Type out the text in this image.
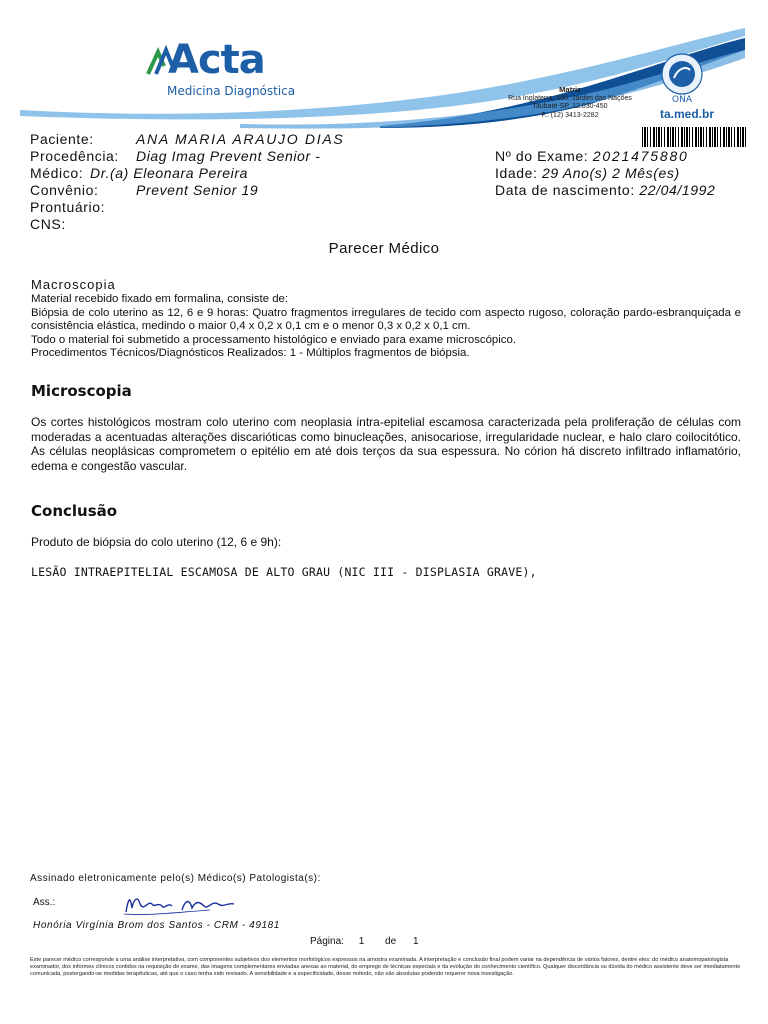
Acta
Medicina Diagnóstica	Matriz
Rua Inglaterra, 150, Jardim das Nações
Taubaté-SP, 12.030-450
F.: (12) 3413-2282
ONA
ta.med.br
Paciente:	ANA MARIA ARAUJO DIAS
Procedência: Diag Imag Prevent Senior -
Médico: Dr.(a) Eleonara Pereira
Convênio:	Prevent Senior 19
Prontuário:
CNS:
Nº do Exame: 2021475880
Idade: 29 Ano(s) 2 Mês(es)
Data de nascimento: 22/04/1992
Parecer Médico
Macroscopia
Material recebido fixado em formalina, consiste de:
Biópsia de colo uterino as 12, 6 e 9 horas: Quatro fragmentos irregulares de tecido com aspecto rugoso, coloração pardo-esbranquiçada e consistência elástica, medindo o maior 0,4 x 0,2 x 0,1 cm e o menor 0,3 x 0,2 x 0,1 cm.
Todo o material foi submetido a processamento histológico e enviado para exame microscópico.
Procedimentos Técnicos/Diagnósticos Realizados: 1 - Múltiplos fragmentos de biópsia.
Microscopia
Os cortes histológicos mostram colo uterino com neoplasia intra-epitelial escamosa caracterizada pela proliferação de células com moderadas a acentuadas alterações discarióticas como binucleações, anisocariose, irregularidade nuclear, e halo claro coilocitótico. As células neoplásicas comprometem o epitélio em até dois terços da sua espessura. No córion há discreto infiltrado inflamatório, edema e congestão vascular.
Conclusão
Produto de biópsia do colo uterino (12, 6 e 9h):
LESÃO INTRAEPITELIAL ESCAMOSA DE ALTO GRAU (NIC III - DISPLASIA GRAVE),
Assinado eletronicamente pelo(s) Médico(s) Patologista(s):
Ass.:
Honória Virgínia Brom dos Santos - CRM - 49181
Página: 1 de 1
Este parecer médico corresponde a uma análise interpretativa, com componentes subjetivos dos elementos morfológicos expressos na amostra examinada. A interpretação e conclusão final podem variar na dependência de vários fatores, dentre eles: do médico anatomopatologista examinador, dos informes clínicos contidos na requisição do exame, das imagens complementares enviadas anexas ao material, do emprego de técnicas especiais e da evolução do conhecimento científico. Qualquer discordância ou dúvida do médico assistente deve ser imediatamente comunicada, postergando-se medidas terapêuticas, até que o caso tenha sido revisado. A sensibilidade e a especificidade, desse método, não são absolutas podendo requerer nova investigação.
